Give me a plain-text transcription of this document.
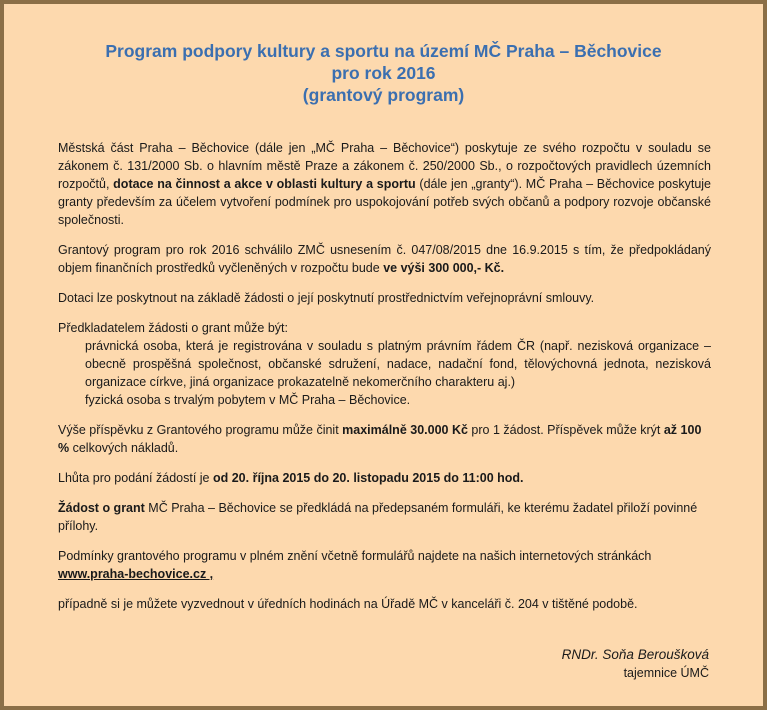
Program podpory kultury a sportu na území MČ Praha – Běchovice
pro rok 2016
(grantový program)

Městská část Praha – Běchovice (dále jen „MČ Praha – Běchovice“) poskytuje ze svého rozpočtu v souladu se zákonem č. 131/2000 Sb. o hlavním městě Praze a zákonem č. 250/2000 Sb., o rozpočtových pravidlech územních rozpočtů, dotace na činnost a akce v oblasti kultury a sportu (dále jen „granty“). MČ Praha – Běchovice poskytuje granty především za účelem vytvoření podmínek pro uspokojování potřeb svých občanů a podpory rozvoje občanské společnosti.

Grantový program pro rok 2016 schválilo ZMČ usnesením č. 047/08/2015 dne 16.9.2015 s tím, že předpokládaný objem finančních prostředků vyčleněných v rozpočtu bude ve výši 300 000,- Kč.

Dotaci lze poskytnout na základě žádosti o její poskytnutí prostřednictvím veřejnoprávní smlouvy.

Předkladatelem žádosti o grant může být:

právnická osoba, která je registrována v souladu s platným právním řádem ČR (např. nezisková organizace – obecně prospěšná společnost, občanské sdružení, nadace, nadační fond, tělovýchovná jednota, nezisková organizace církve, jiná organizace prokazatelně nekomerčního charakteru aj.)

fyzická osoba s trvalým pobytem v MČ Praha – Běchovice.

Výše příspěvku z Grantového programu může činit maximálně 30.000 Kč pro 1 žádost. Příspěvek může krýt až 100 % celkových nákladů.

Lhůta pro podání žádostí je od 20. října 2015 do 20. listopadu 2015 do 11:00 hod.

Žádost o grant MČ Praha – Běchovice se předkládá na předepsaném formuláři, ke kterému žadatel přiloží povinné přílohy.

Podmínky grantového programu v plném znění včetně formulářů najdete na našich internetových stránkách www.praha-bechovice.cz ,

případně si je můžete vyzvednout v úředních hodinách na Úřadě MČ v kanceláři č. 204 v tištěné podobě.

RNDr. Soňa Beroušková
tajemnice ÚMČ
